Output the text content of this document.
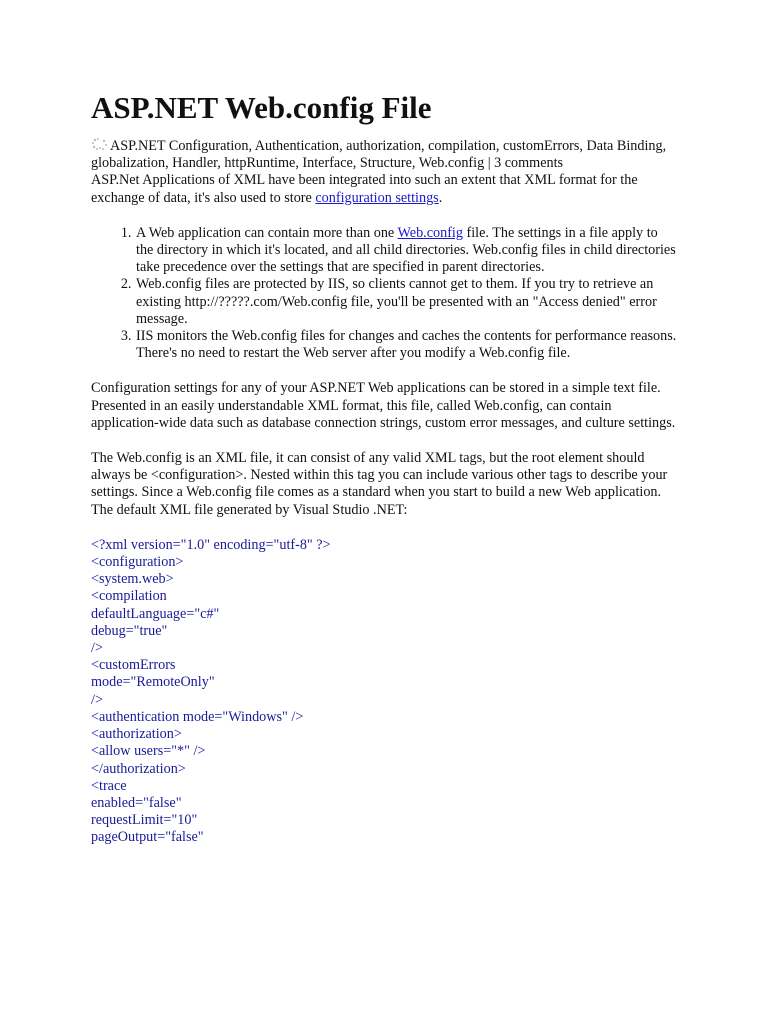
ASP.NET Web.config File
ASP.NET Configuration, Authentication, authorization, compilation, customErrors, Data Binding, globalization, Handler, httpRuntime, Interface, Structure, Web.config | 3 comments
ASP.Net Applications of XML have been integrated into such an extent that XML format for the exchange of data, it's also used to store configuration settings.
1. A Web application can contain more than one Web.config file. The settings in a file apply to the directory in which it's located, and all child directories. Web.config files in child directories take precedence over the settings that are specified in parent directories.
2. Web.config files are protected by IIS, so clients cannot get to them. If you try to retrieve an existing http://?????.com/Web.config file, you'll be presented with an "Access denied" error message.
3. IIS monitors the Web.config files for changes and caches the contents for performance reasons. There's no need to restart the Web server after you modify a Web.config file.

Configuration settings for any of your ASP.NET Web applications can be stored in a simple text file. Presented in an easily understandable XML format, this file, called Web.config, can contain application-wide data such as database connection strings, custom error messages, and culture settings.

The Web.config is an XML file, it can consist of any valid XML tags, but the root element should always be <configuration>. Nested within this tag you can include various other tags to describe your settings. Since a Web.config file comes as a standard when you start to build a new Web application.

The default XML file generated by Visual Studio .NET:

<?xml version="1.0" encoding="utf-8" ?>
<configuration>
<system.web>
<compilation
defaultLanguage="c#"
debug="true"
/>
<customErrors
mode="RemoteOnly"
/>
<authentication mode="Windows" />
<authorization>
<allow users="*" />
</authorization>
<trace
enabled="false"
requestLimit="10"
pageOutput="false"
